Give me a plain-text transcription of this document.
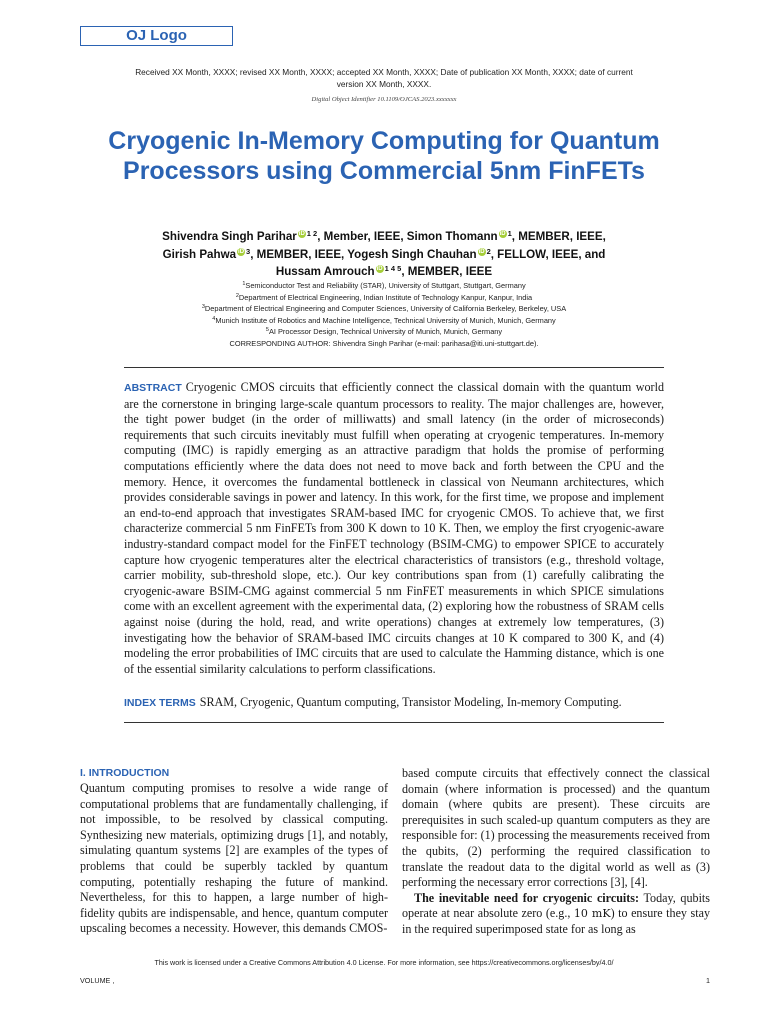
OJ Logo
Received XX Month, XXXX; revised XX Month, XXXX; accepted XX Month, XXXX; Date of publication XX Month, XXXX; date of current version XX Month, XXXX.
Digital Object Identifier 10.1109/OJCAS.2023.xxxxxxx
Cryogenic In-Memory Computing for Quantum Processors using Commercial 5nm FinFETs
Shivendra Singh Parihar iD $^{1 2}$, Member, IEEE, Simon Thomann iD $^1$, MEMBER, IEEE,
Girish Pahwa iD $^3$, MEMBER, IEEE, Yogesh Singh Chauhan iD $^2$, FELLOW, IEEE, and
Hussam Amrouch iD $^{1 4 5}$, MEMBER, IEEE
$^1$Semiconductor Test and Reliability (STAR), University of Stuttgart, Stuttgart, Germany
$^2$Department of Electrical Engineering, Indian Institute of Technology Kanpur, Kanpur, India
$^3$Department of Electrical Engineering and Computer Sciences, University of California Berkeley, Berkeley, USA
$^4$Munich Institute of Robotics and Machine Intelligence, Technical University of Munich, Munich, Germany
$^5$AI Processor Design, Technical University of Munich, Munich, Germany
CORRESPONDING AUTHOR: Shivendra Singh Parihar (e-mail: parihasa@iti.uni-stuttgart.de).
ABSTRACT Cryogenic CMOS circuits that efficiently connect the classical domain with the quantum world are the cornerstone in bringing large-scale quantum processors to reality. The major challenges are, however, the tight power budget (in the order of milliwatts) and small latency (in the order of microseconds) requirements that such circuits inevitably must fulfill when operating at cryogenic temperatures. In-memory computing (IMC) is rapidly emerging as an attractive paradigm that holds the promise of performing computations efficiently where the data does not need to move back and forth between the CPU and the memory. Hence, it overcomes the fundamental bottleneck in classical von Neumann architectures, which provides considerable savings in power and latency. In this work, for the first time, we propose and implement an end-to-end approach that investigates SRAM-based IMC for cryogenic CMOS. To achieve that, we first characterize commercial 5 nm FinFETs from 300 K down to 10 K. Then, we employ the first cryogenic-aware industry-standard compact model for the FinFET technology (BSIM-CMG) to empower SPICE to accurately capture how cryogenic temperatures alter the electrical characteristics of transistors (e.g., threshold voltage, carrier mobility, sub-threshold slope, etc.). Our key contributions span from (1) carefully calibrating the cryogenic-aware BSIM-CMG against commercial 5 nm FinFET measurements in which SPICE simulations come with an excellent agreement with the experimental data, (2) exploring how the robustness of SRAM cells against noise (during the hold, read, and write operations) changes at extremely low temperatures, (3) investigating how the behavior of SRAM-based IMC circuits changes at 10 K compared to 300 K, and (4) modeling the error probabilities of IMC circuits that are used to calculate the Hamming distance, which is one of the essential similarity calculations to perform classifications.
INDEX TERMS SRAM, Cryogenic, Quantum computing, Transistor Modeling, In-memory Computing.
I. INTRODUCTION

Quantum computing promises to resolve a wide range of computational problems that are fundamentally challenging, if not impossible, to be resolved by classical computing. Synthesizing new materials, optimizing drugs [1], and notably, simulating quantum systems [2] are examples of the types of problems that could be superbly tackled by quantum computing, potentially reshaping the future of mankind. Nevertheless, for this to happen, a large number of high-fidelity qubits are indispensable, and hence, quantum computer upscaling becomes a necessity. However, this demands CMOS-

based compute circuits that effectively connect the classical domain (where information is processed) and the quantum domain (where qubits are present). These circuits are prerequisites in such scaled-up quantum computers as they are responsible for: (1) processing the measurements received from the qubits, (2) performing the required classification to translate the readout data to the digital world as well as (3) performing the necessary error corrections [3], [4].

The inevitable need for cryogenic circuits: Today, qubits operate at near absolute zero (e.g., 10 mK) to ensure they stay in the required superimposed state for as long as

This work is licensed under a Creative Commons Attribution 4.0 License. For more information, see https://creativecommons.org/licenses/by/4.0/
VOLUME ,	1
